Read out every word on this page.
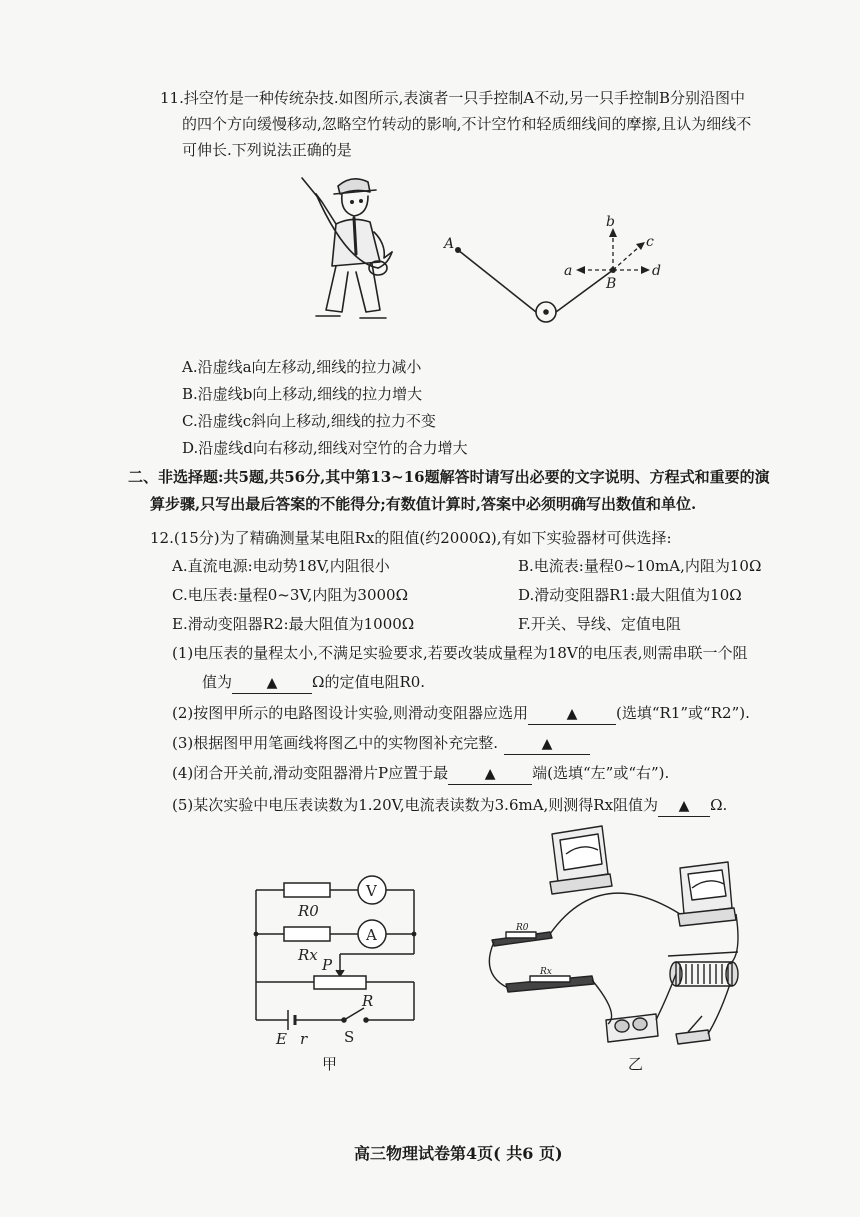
11.抖空竹是一种传统杂技.如图所示,表演者一只手控制A不动,另一只手控制B分别沿图中
的四个方向缓慢移动,忽略空竹转动的影响,不计空竹和轻质细线间的摩擦,且认为细线不
可伸长.下列说法正确的是
A
B
a
b
c
d
A.沿虚线a向左移动,细线的拉力减小
B.沿虚线b向上移动,细线的拉力增大
C.沿虚线c斜向上移动,细线的拉力不变
D.沿虚线d向右移动,细线对空竹的合力增大
二、非选择题:共5题,共56分,其中第13~16题解答时请写出必要的文字说明、方程式和重要的演
算步骤,只写出最后答案的不能得分;有数值计算时,答案中必须明确写出数值和单位.
12.(15分)为了精确测量某电阻Rx的阻值(约2000Ω),有如下实验器材可供选择:
A.直流电源:电动势18V,内阻很小	B.电流表:量程0~10mA,内阻为10Ω
C.电压表:量程0~3V,内阻为3000Ω	D.滑动变阻器R1:最大阻值为10Ω
E.滑动变阻器R2:最大阻值为1000Ω	F.开关、导线、定值电阻
(1)电压表的量程太小,不满足实验要求,若要改装成量程为18V的电压表,则需串联一个阻
值为 ▲ Ω的定值电阻R0.
(2)按图甲所示的电路图设计实验,则滑动变阻器应选用	▲	(选填“R1”或“R2”).
(3)根据图甲用笔画线将图乙中的实物图补充完整.	▲
(4)闭合开关前,滑动变阻器滑片P应置于最	▲ 端(选填“左”或“右”).
(5)某次实验中电压表读数为1.20V,电流表读数为3.6mA,则测得Rx阻值为 ▲ Ω.
V
A
R0
Rx
P
R
E r S
甲
R0
Rx
乙
高三物理试卷第4页( 共6 页)
